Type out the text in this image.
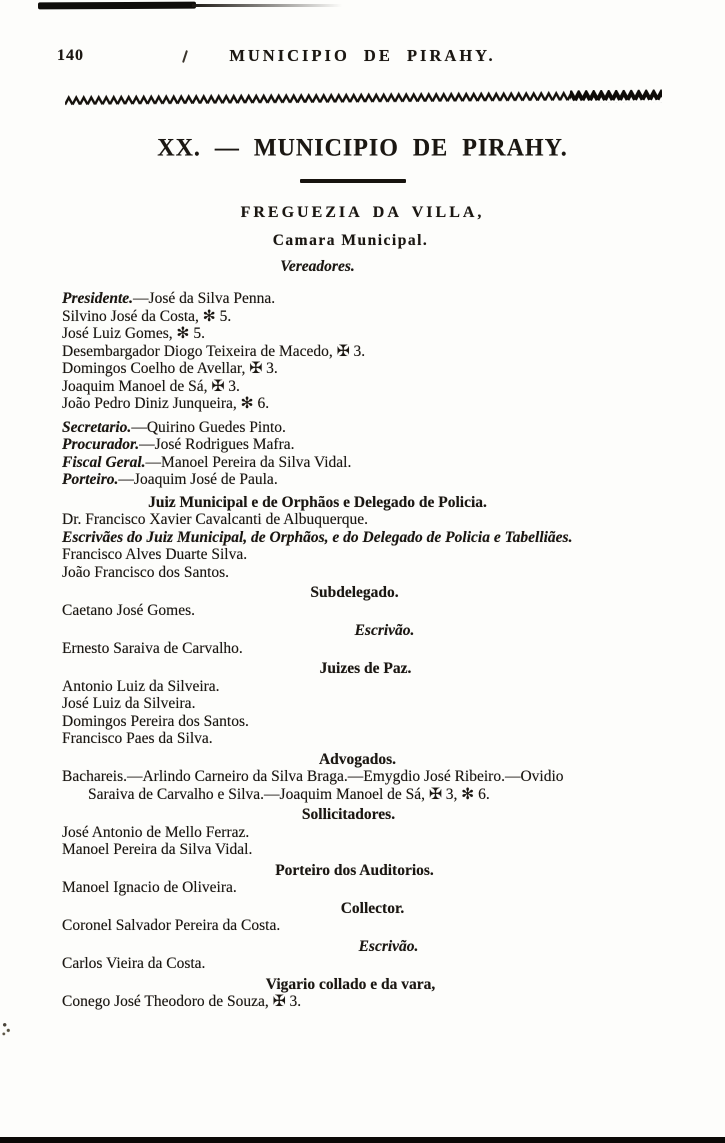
140	MUNICIPIO DE PIRAHY.
XX. — MUNICIPIO DE PIRAHY.
FREGUEZIA DA VILLA,
Camara Municipal.
Vereadores.

Presidente.—José da Silva Penna.

Silvino José da Costa, ✻ 5.

José Luiz Gomes, ✻ 5.

Desembargador Diogo Teixeira de Macedo, ✠ 3.

Domingos Coelho de Avellar, ✠ 3.

Joaquim Manoel de Sá, ✠ 3.

João Pedro Diniz Junqueira, ✻ 6.

Secretario.—Quirino Guedes Pinto.

Procurador.—José Rodrigues Mafra.

Fiscal Geral.—Manoel Pereira da Silva Vidal.

Porteiro.—Joaquim José de Paula.

Juiz Municipal e de Orphãos e Delegado de Policia.

Dr. Francisco Xavier Cavalcanti de Albuquerque.

Escrivães do Juiz Municipal, de Orphãos, e do Delegado de Policia e Tabelliães.

Francisco Alves Duarte Silva.

João Francisco dos Santos.

Subdelegado.

Caetano José Gomes.

Escrivão.

Ernesto Saraiva de Carvalho.

Juizes de Paz.

Antonio Luiz da Silveira.

José Luiz da Silveira.

Domingos Pereira dos Santos.

Francisco Paes da Silva.

Advogados.

Bachareis.—Arlindo Carneiro da Silva Braga.—Emygdio José Ribeiro.—Ovidio

Saraiva de Carvalho e Silva.—Joaquim Manoel de Sá, ✠ 3, ✻ 6.

Sollicitadores.

José Antonio de Mello Ferraz.

Manoel Pereira da Silva Vidal.

Porteiro dos Auditorios.

Manoel Ignacio de Oliveira.

Collector.

Coronel Salvador Pereira da Costa.

Escrivão.

Carlos Vieira da Costa.

Vigario collado e da vara,

Conego José Theodoro de Souza, ✠ 3.
